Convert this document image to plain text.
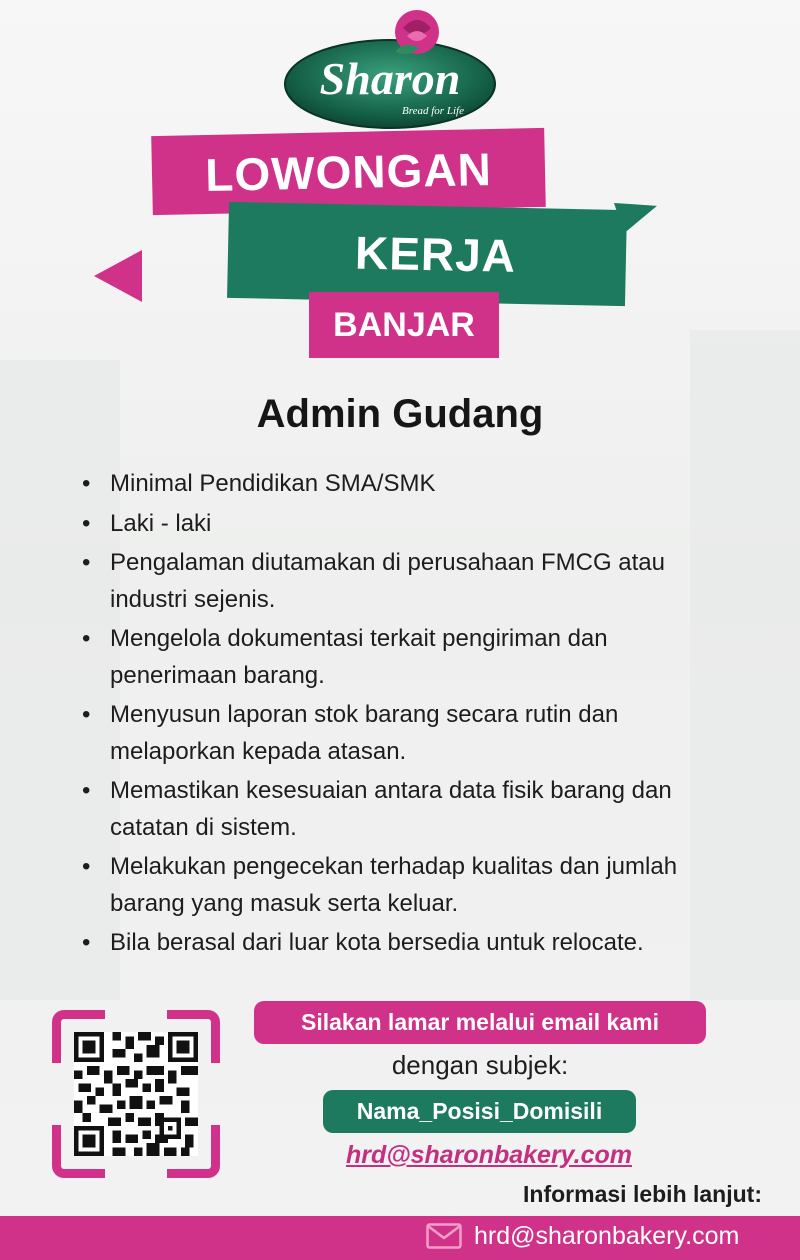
Sharon
Bread for Life
LOWONGAN
KERJA
BANJAR
Admin Gudang
• Minimal Pendidikan SMA/SMK
• Laki - laki
• Pengalaman diutamakan di perusahaan FMCG atau industri sejenis.
• Mengelola dokumentasi terkait pengiriman dan penerimaan barang.
• Menyusun laporan stok barang secara rutin dan melaporkan kepada atasan.
• Memastikan kesesuaian antara data fisik barang dan catatan di sistem.
• Melakukan pengecekan terhadap kualitas dan jumlah barang yang masuk serta keluar.
• Bila berasal dari luar kota bersedia untuk relocate.
Silakan lamar melalui email kami
dengan subjek:
Nama_Posisi_Domisili
hrd@sharonbakery.com
Informasi lebih lanjut:
hrd@sharonbakery.com
